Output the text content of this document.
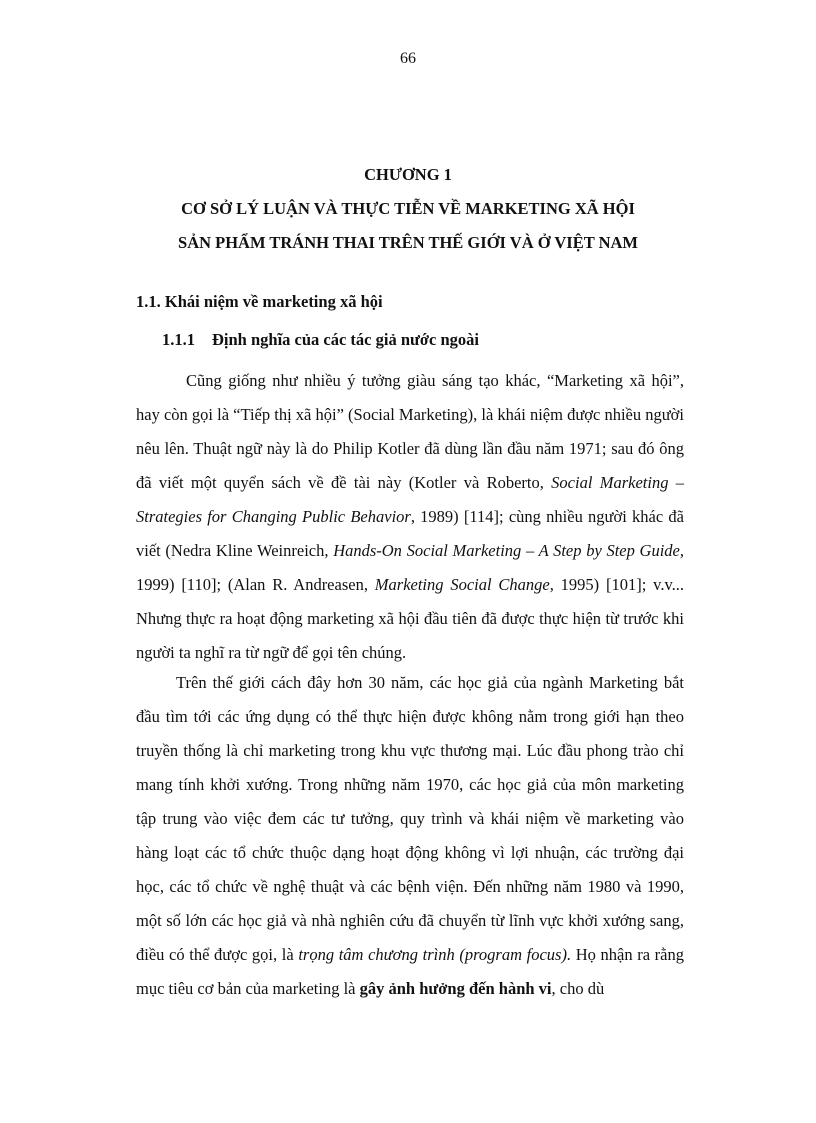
66
CHƯƠNG 1
CƠ SỞ LÝ LUẬN VÀ THỰC TIỄN VỀ MARKETING XÃ HỘI
SẢN PHẨM TRÁNH THAI TRÊN THẾ GIỚI VÀ Ở VIỆT NAM
1.1. Khái niệm về marketing xã hội
1.1.1 Định nghĩa của các tác giả nước ngoài

Cũng giống như nhiều ý tưởng giàu sáng tạo khác, “Marketing xã hội”, hay còn gọi là “Tiếp thị xã hội” (Social Marketing), là khái niệm được nhiều người nêu lên. Thuật ngữ này là do Philip Kotler đã dùng lần đầu năm 1971; sau đó ông đã viết một quyển sách về đề tài này (Kotler và Roberto, Social Marketing – Strategies for Changing Public Behavior, 1989) [114]; cùng nhiều người khác đã viết (Nedra Kline Weinreich, Hands-On Social Marketing – A Step by Step Guide, 1999) [110]; (Alan R. Andreasen, Marketing Social Change, 1995) [101]; v.v... Nhưng thực ra hoạt động marketing xã hội đầu tiên đã được thực hiện từ trước khi người ta nghĩ ra từ ngữ để gọi tên chúng.

Trên thế giới cách đây hơn 30 năm, các học giả của ngành Marketing bắt đầu tìm tới các ứng dụng có thể thực hiện được không nằm trong giới hạn theo truyền thống là chỉ marketing trong khu vực thương mại. Lúc đầu phong trào chỉ mang tính khởi xướng. Trong những năm 1970, các học giả của môn marketing tập trung vào việc đem các tư tưởng, quy trình và khái niệm về marketing vào hàng loạt các tổ chức thuộc dạng hoạt động không vì lợi nhuận, các trường đại học, các tổ chức về nghệ thuật và các bệnh viện. Đến những năm 1980 và 1990, một số lớn các học giả và nhà nghiên cứu đã chuyển từ lĩnh vực khởi xướng sang, điều có thể được gọi, là trọng tâm chương trình (program focus). Họ nhận ra rằng mục tiêu cơ bản của marketing là gây ảnh hưởng đến hành vi, cho dù
